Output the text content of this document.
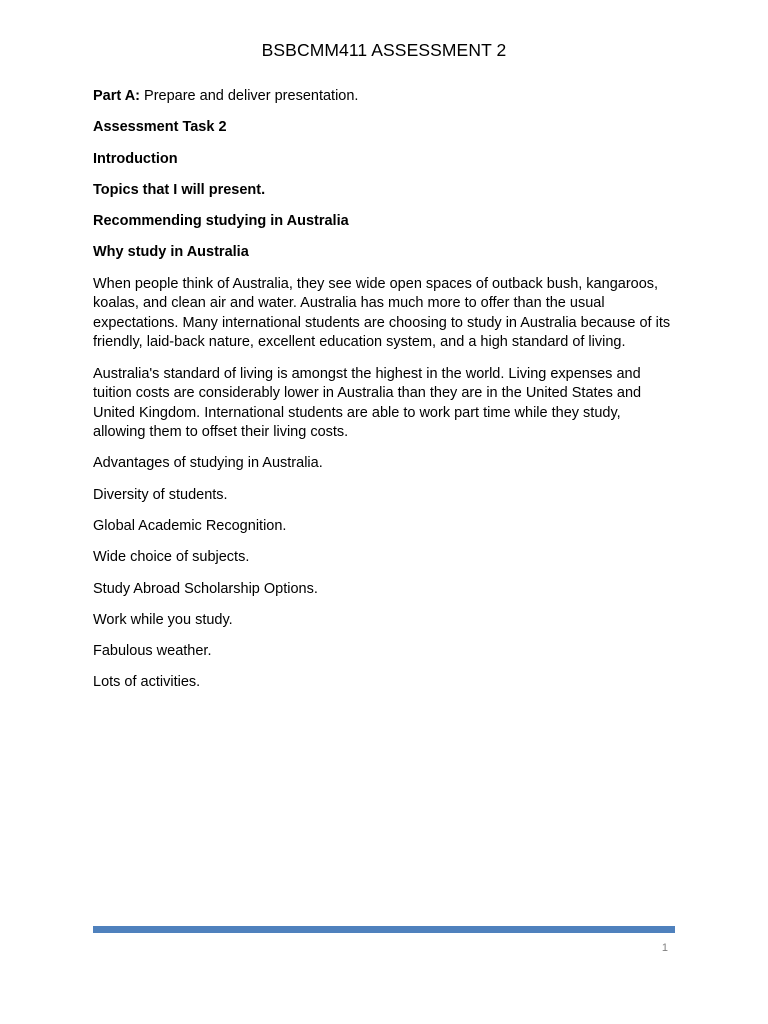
BSBCMM411 ASSESSMENT 2

Part A: Prepare and deliver presentation.

Assessment Task 2

Introduction

Topics that I will present.

Recommending studying in Australia

Why study in Australia

When people think of Australia, they see wide open spaces of outback bush, kangaroos, koalas, and clean air and water. Australia has much more to offer than the usual expectations. Many international students are choosing to study in Australia because of its friendly, laid-back nature, excellent education system, and a high standard of living.

Australia's standard of living is amongst the highest in the world. Living expenses and tuition costs are considerably lower in Australia than they are in the United States and United Kingdom. International students are able to work part time while they study, allowing them to offset their living costs.

Advantages of studying in Australia.

Diversity of students.

Global Academic Recognition.

Wide choice of subjects.

Study Abroad Scholarship Options.

Work while you study.

Fabulous weather.

Lots of activities.

1
